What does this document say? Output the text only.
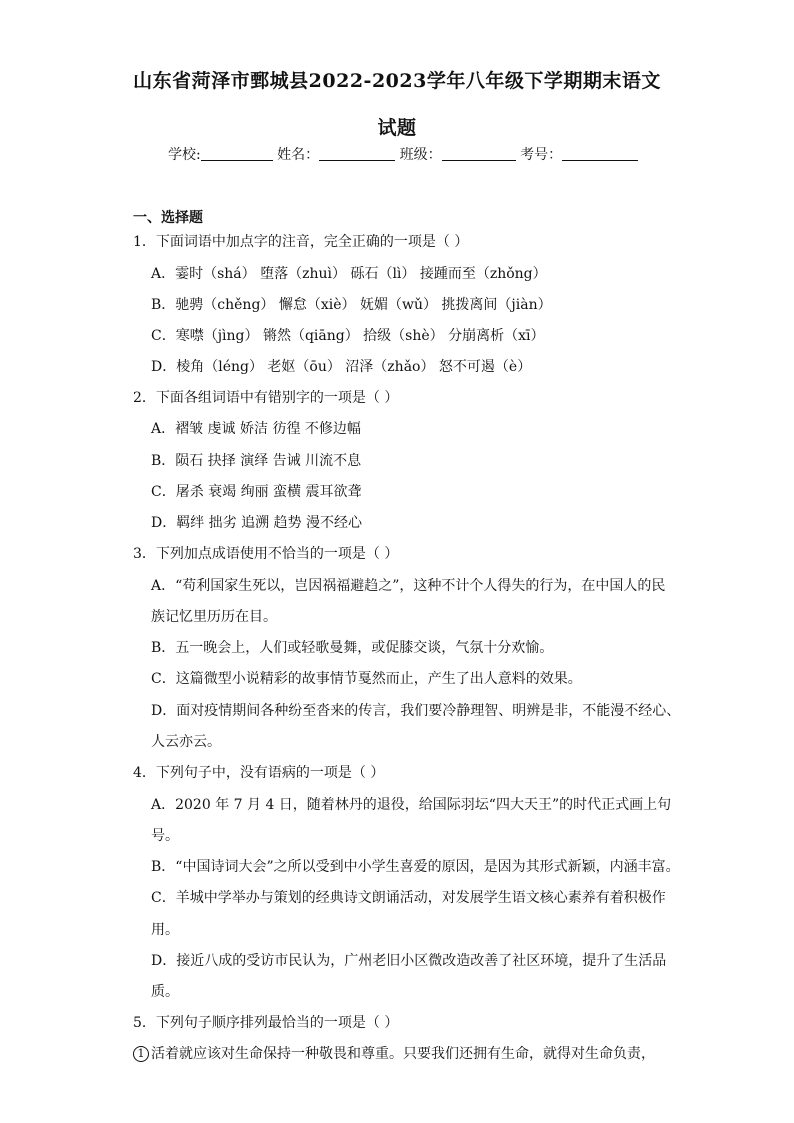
山东省菏泽市鄄城县2022-2023学年八年级下学期期末语文
试题
学校:	姓名：	班级：	考号：
一、选择题
1．下面词语中加点字的注音，完全正确的一项是（ ）
A．霎时（shá） 堕落（zhuì） 砾石（lì） 接踵而至（zhǒng）
B．驰骋（chěng） 懈怠（xiè） 妩媚（wǔ） 挑拨离间（jiàn）
C．寒噤（jìng） 锵然（qiāng） 拾级（shè） 分崩离析（xī）
D．棱角（léng） 老妪（ōu） 沼泽（zhǎo） 怒不可遏（è）
2．下面各组词语中有错别字的一项是（ ）
A．褶皱 虔诚 娇洁 彷徨 不修边幅
B．陨石 抉择 演绎 告诫 川流不息
C．屠杀 衰竭 绚丽 蛮横 震耳欲聋
D．羁绊 拙劣 追溯 趋势 漫不经心
3．下列加点成语使用不恰当的一项是（ ）
A．“苟利国家生死以，岂因祸福避趋之”，这种不计个人得失的行为，在中国人的民
族记忆里历历在目。
B．五一晚会上，人们或轻歌曼舞，或促膝交谈，气氛十分欢愉。
C．这篇微型小说精彩的故事情节戛然而止，产生了出人意料的效果。
D．面对疫情期间各种纷至沓来的传言，我们要冷静理智、明辨是非，不能漫不经心、
人云亦云。
4．下列句子中，没有语病的一项是（ ）
A．2020 年 7 月 4 日，随着林丹的退役，给国际羽坛“四大天王”的时代正式画上句
号。
B．“中国诗词大会”之所以受到中小学生喜爱的原因，是因为其形式新颖，内涵丰富。
C．羊城中学举办与策划的经典诗文朗诵活动，对发展学生语文核心素养有着积极作
用。
D．接近八成的受访市民认为，广州老旧小区微改造改善了社区环境，提升了生活品
质。
5．下列句子顺序排列最恰当的一项是（ ）
1 活着就应该对生命保持一种敬畏和尊重。只要我们还拥有生命，就得对生命负责，
